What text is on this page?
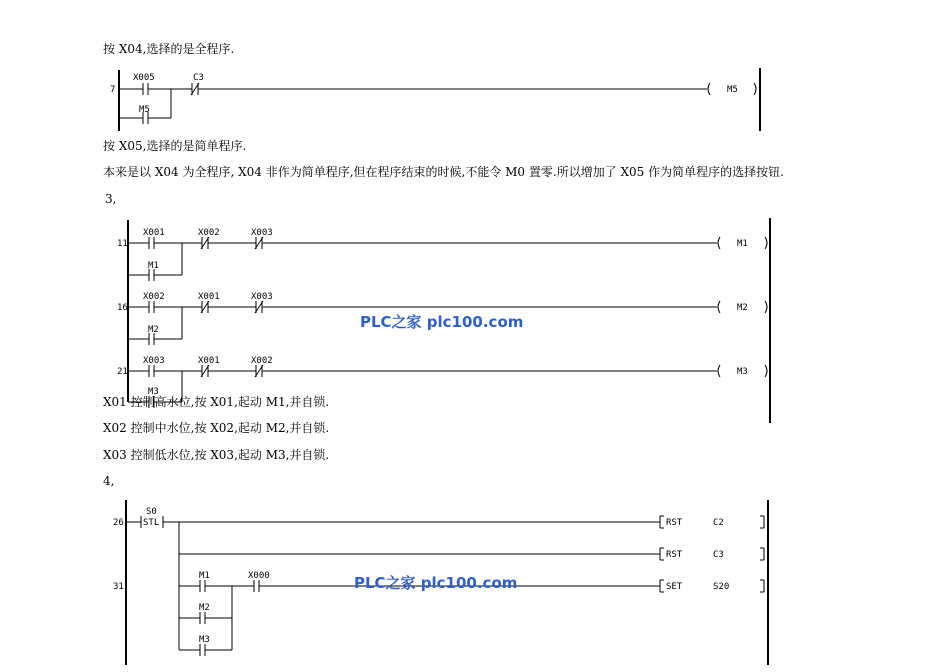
按 X04,选择的是全程序.
按 X05,选择的是简单程序.
本来是以 X04 为全程序, X04 非作为简单程序,但在程序结束的时候,不能令 M0 置零.所以增加了 X05 作为简单程序的选择按钮.
3,
7
X005	C3
M5
M5
11
X001	X002	X003
M1
M1
16
X002	X001	X003
M2
M2
21
X003	X001	X002
M3
M3
PLC之家 plc100.com
X01 控制高水位,按 X01,起动 M1,并自锁.
X02 控制中水位,按 X02,起动 M2,并自锁.
X03 控制低水位,按 X03,起动 M3,并自锁.
4,
26
31
STL
S0
RST	C2
RST	C3
M1	X000
SET	S20
M2
M3
PLC之家 plc100.com
